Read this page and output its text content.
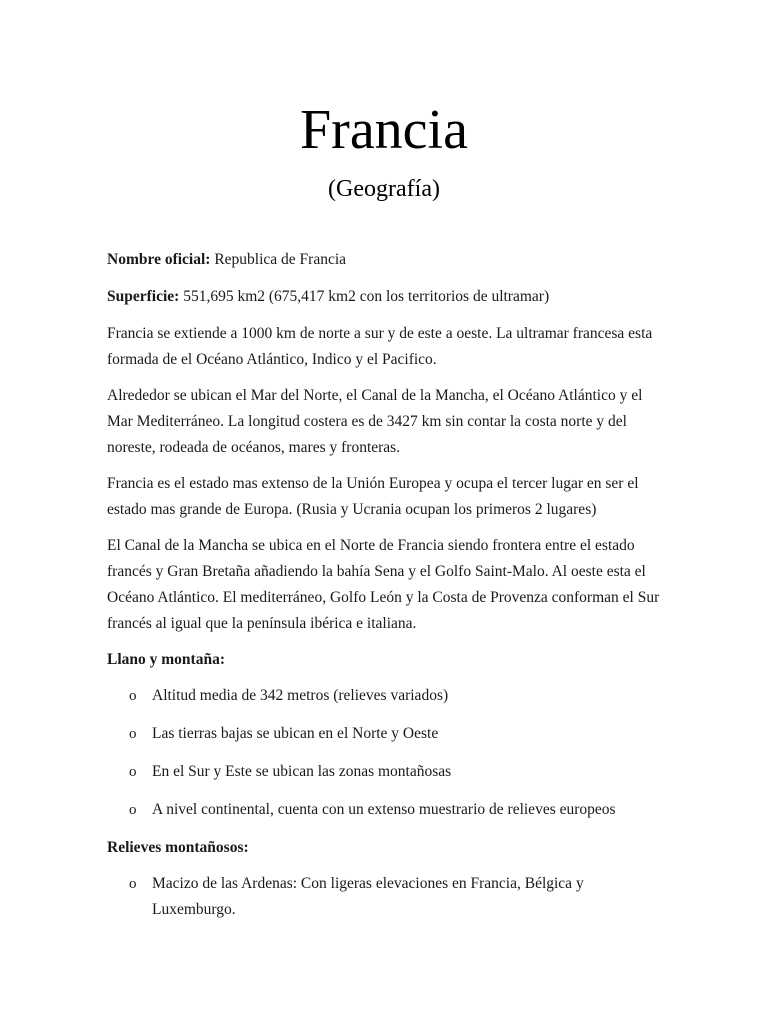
Francia
(Geografía)

Nombre oficial: Republica de Francia

Superficie: 551,695 km2 (675,417 km2 con los territorios de ultramar)

Francia se extiende a 1000 km de norte a sur y de este a oeste. La ultramar francesa esta formada de el Océano Atlántico, Indico y el Pacifico.

Alrededor se ubican el Mar del Norte, el Canal de la Mancha, el Océano Atlántico y el Mar Mediterráneo. La longitud costera es de 3427 km sin contar la costa norte y del noreste, rodeada de océanos, mares y fronteras.

Francia es el estado mas extenso de la Unión Europea y ocupa el tercer lugar en ser el estado mas grande de Europa. (Rusia y Ucrania ocupan los primeros 2 lugares)

El Canal de la Mancha se ubica en el Norte de Francia siendo frontera entre el estado francés y Gran Bretaña añadiendo la bahía Sena y el Golfo Saint-Malo. Al oeste esta el Océano Atlántico. El mediterráneo, Golfo León y la Costa de Provenza conforman el Sur francés al igual que la península ibérica e italiana.

Llano y montaña:

o Altitud media de 342 metros (relieves variados)
o Las tierras bajas se ubican en el Norte y Oeste
o En el Sur y Este se ubican las zonas montañosas
o A nivel continental, cuenta con un extenso muestrario de relieves europeos

Relieves montañosos:

o Macizo de las Ardenas: Con ligeras elevaciones en Francia, Bélgica y Luxemburgo.
